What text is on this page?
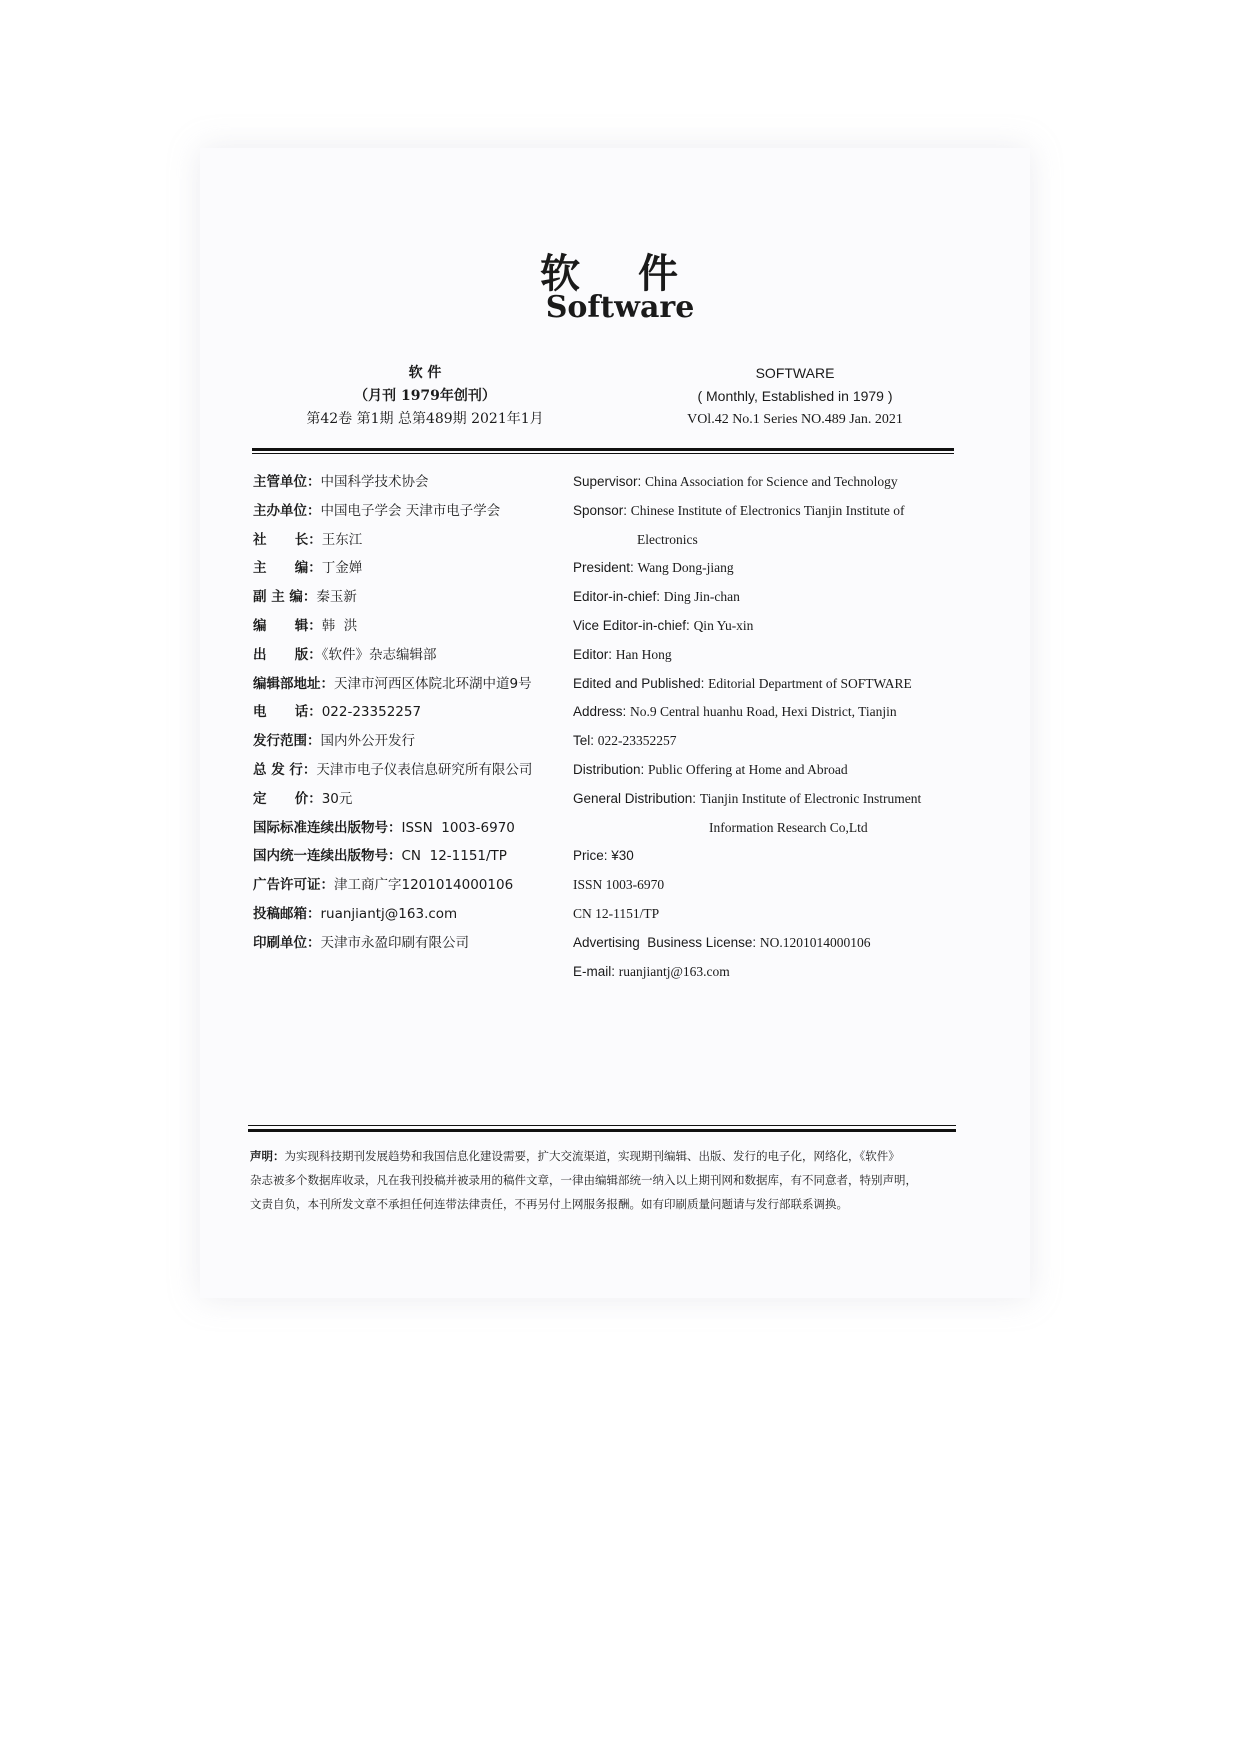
软 件
Software
软 件
（月刊 1979年创刊）
第42卷 第1期 总第489期 2021年1月
SOFTWARE
( Monthly, Established in 1979 )
VOl.42 No.1 Series NO.489 Jan. 2021
主管单位：中国科学技术协会
主办单位：中国电子学会 天津市电子学会
社      长：王东江
主      编：丁金婵
副 主 编：秦玉新
编      辑：韩  洪
出      版：《软件》杂志编辑部
编辑部地址：天津市河西区体院北环湖中道9号
电      话：022-23352257
发行范围：国内外公开发行
总 发 行：天津市电子仪表信息研究所有限公司
定      价：30元
国际标准连续出版物号：ISSN  1003-6970
国内统一连续出版物号：CN  12-1151/TP
广告许可证：津工商广字1201014000106
投稿邮箱：ruanjiantj@163.com
印刷单位：天津市永盈印刷有限公司
Supervisor: China Association for Science and Technology
Sponsor: Chinese Institute of Electronics Tianjin Institute of
Electronics
President: Wang Dong-jiang
Editor-in-chief: Ding Jin-chan
Vice Editor-in-chief: Qin Yu-xin
Editor: Han Hong
Edited and Published: Editorial Department of SOFTWARE
Address: No.9 Central huanhu Road, Hexi District, Tianjin
Tel: 022-23352257
Distribution: Public Offering at Home and Abroad
General Distribution: Tianjin Institute of Electronic Instrument
Information Research Co,Ltd
Price: ¥30
ISSN 1003-6970
CN 12-1151/TP
Advertising  Business License: NO.1201014000106
E-mail: ruanjiantj@163.com
声明：为实现科技期刊发展趋势和我国信息化建设需要，扩大交流渠道，实现期刊编辑、出版、发行的电子化，网络化，《软件》
杂志被多个数据库收录，凡在我刊投稿并被录用的稿件文章，一律由编辑部统一纳入以上期刊网和数据库，有不同意者，特别声明，
文责自负，本刊所发文章不承担任何连带法律责任，不再另付上网服务报酬。如有印刷质量问题请与发行部联系调换。
